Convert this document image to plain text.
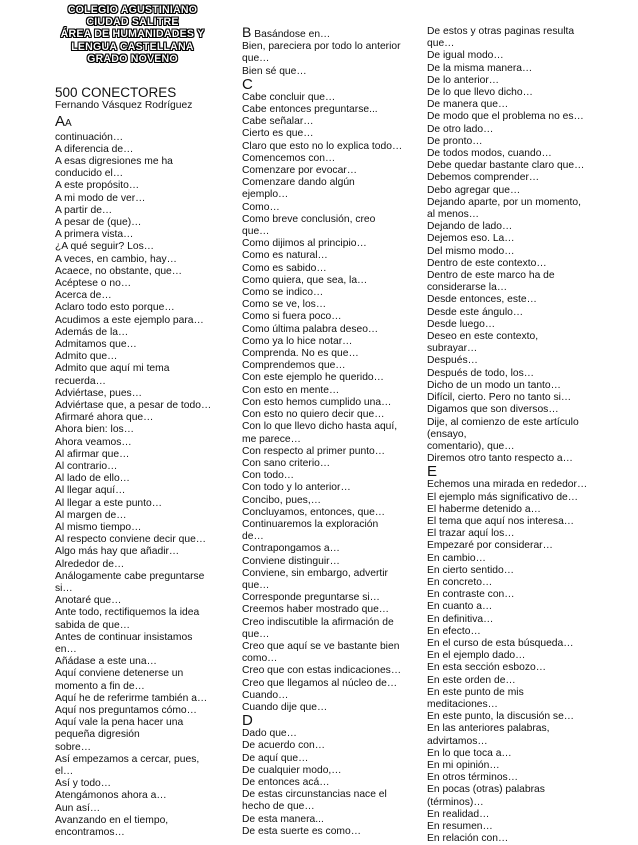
COLEGIO AGUSTINIANO
CIUDAD SALITRE
ÁREA DE HUMANIDADES Y
LENGUA CASTELLANA
GRADO NOVENO
500 CONECTORES
Fernando Vásquez Rodríguez
AA
continuación…
A diferencia de…
A esas digresiones me ha
conducido el…
A este propósito…
A mi modo de ver…
A partir de…
A pesar de (que)…
A primera vista…
¿A qué seguir? Los…
A veces, en cambio, hay…
Acaece, no obstante, que…
Acéptese o no…
Acerca de…
Aclaro todo esto porque…
Acudimos a este ejemplo para…
Además de la…
Admitamos que…
Admito que…
Admito que aquí mi tema
recuerda…
Adviértase, pues…
Adviértase que, a pesar de todo…
Afirmaré ahora que…
Ahora bien: los…
Ahora veamos…
Al afirmar que…
Al contrario…
Al lado de ello…
Al llegar aquí…
Al llegar a este punto…
Al margen de…
Al mismo tiempo…
Al respecto conviene decir que…
Algo más hay que añadir…
Alrededor de…
Análogamente cabe preguntarse
si…
Anotaré que…
Ante todo, rectifiquemos la idea
sabida de que…
Antes de continuar insistamos
en…
Añádase a este una…
Aquí conviene detenerse un
momento a fin de…
Aquí he de referirme también a…
Aquí nos preguntamos cómo…
Aquí vale la pena hacer una
pequeña digresión
sobre…
Así empezamos a cercar, pues,
el…
Así y todo…
Atengámonos ahora a…
Aun así…
Avanzando en el tiempo,
encontramos…
B Basándose en…
Bien, pareciera por todo lo anterior
que…
Bien sé que…
C
Cabe concluir que…
Cabe entonces preguntarse...
Cabe señalar…
Cierto es que…
Claro que esto no lo explica todo…
Comencemos con…
Comenzare por evocar…
Comenzare dando algún
ejemplo…
Como…
Como breve conclusión, creo
que…
Como dijimos al principio…
Como es natural…
Como es sabido…
Como quiera, que sea, la…
Como se indico…
Como se ve, los…
Como si fuera poco…
Como última palabra deseo…
Como ya lo hice notar…
Comprenda. No es que…
Comprendemos que…
Con este ejemplo he querido…
Con esto en mente…
Con esto hemos cumplido una…
Con esto no quiero decir que…
Con lo que llevo dicho hasta aquí,
me parece…
Con respecto al primer punto…
Con sano criterio…
Con todo…
Con todo y lo anterior…
Concibo, pues,…
Concluyamos, entonces, que…
Continuaremos la exploración
de…
Contrapongamos a…
Conviene distinguir…
Conviene, sin embargo, advertir
que…
Corresponde preguntarse si…
Creemos haber mostrado que…
Creo indiscutible la afirmación de
que…
Creo que aquí se ve bastante bien
como…
Creo que con estas indicaciones…
Creo que llegamos al núcleo de…
Cuando…
Cuando dije que…
D
Dado que…
De acuerdo con…
De aquí que…
De cualquier modo,…
De entonces acá…
De estas circunstancias nace el
hecho de que…
De esta manera...
De esta suerte es como…
De estos y otras paginas resulta
que…
De igual modo…
De la misma manera…
De lo anterior…
De lo que llevo dicho…
De manera que…
De modo que el problema no es…
De otro lado…
De pronto…
De todos modos, cuando…
Debe quedar bastante claro que…
Debemos comprender…
Debo agregar que…
Dejando aparte, por un momento,
al menos…
Dejando de lado…
Dejemos eso. La…
Del mismo modo…
Dentro de este contexto…
Dentro de este marco ha de
considerarse la…
Desde entonces, este…
Desde este ángulo…
Desde luego…
Deseo en este contexto,
subrayar…
Después…
Después de todo, los…
Dicho de un modo un tanto…
Difícil, cierto. Pero no tanto si…
Digamos que son diversos…
Dije, al comienzo de este artículo
(ensayo,
comentario), que…
Diremos otro tanto respecto a…
E
Echemos una mirada en rededor…
El ejemplo más significativo de…
El haberme detenido a…
El tema que aquí nos interesa…
El trazar aquí los…
Empezaré por considerar…
En cambio…
En cierto sentido…
En concreto…
En contraste con…
En cuanto a…
En definitiva…
En efecto…
En el curso de esta búsqueda…
En el ejemplo dado…
En esta sección esbozo…
En este orden de…
En este punto de mis
meditaciones…
En este punto, la discusión se…
En las anteriores palabras,
advirtamos…
En lo que toca a…
En mi opinión…
En otros términos…
En pocas (otras) palabras
(términos)…
En realidad…
En resumen…
En relación con…
